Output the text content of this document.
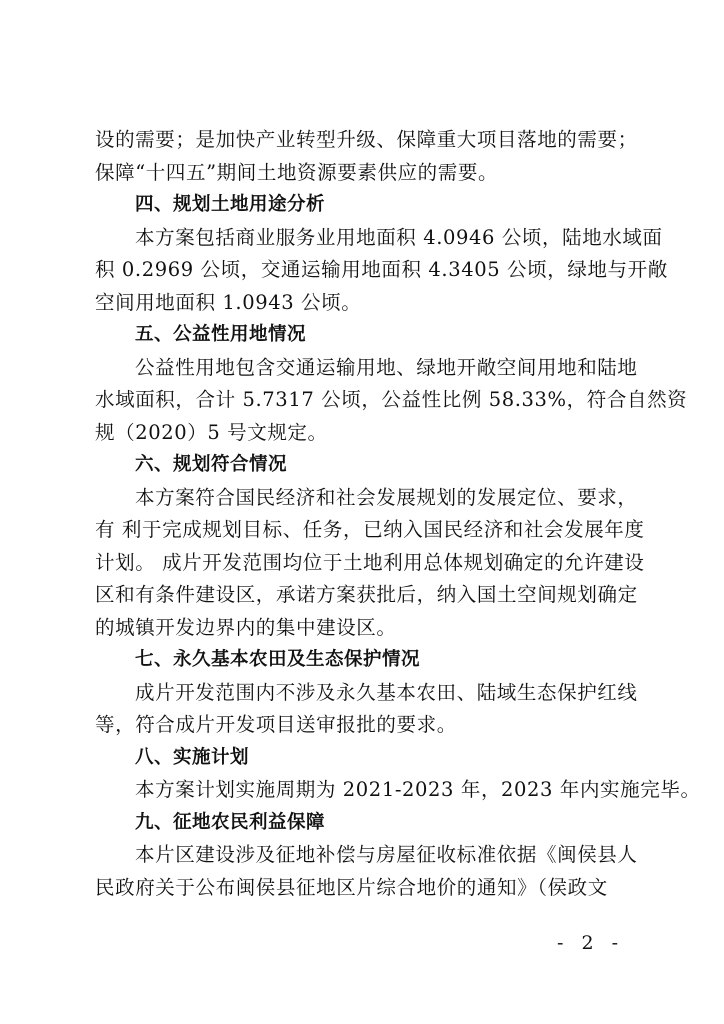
设的需要；是加快产业转型升级、保障重大项目落地的需要；
保障“十四五”期间土地资源要素供应的需要。
四、规划土地用途分析
本方案包括商业服务业用地面积 4.0946 公顷，陆地水域面
积 0.2969 公顷，交通运输用地面积 4.3405 公顷，绿地与开敞
空间用地面积 1.0943 公顷。
五、公益性用地情况
公益性用地包含交通运输用地、绿地开敞空间用地和陆地
水域面积，合计 5.7317 公顷，公益性比例 58.33%，符合自然资
规（2020）5 号文规定。
六、规划符合情况
本方案符合国民经济和社会发展规划的发展定位、要求，
有 利于完成规划目标、任务，已纳入国民经济和社会发展年度
计划。 成片开发范围均位于土地利用总体规划确定的允许建设
区和有条件建设区，承诺方案获批后，纳入国土空间规划确定
的城镇开发边界内的集中建设区。
七、永久基本农田及生态保护情况
成片开发范围内不涉及永久基本农田、陆域生态保护红线
等，符合成片开发项目送审报批的要求。
八、实施计划
本方案计划实施周期为 2021-2023 年，2023 年内实施完毕。
九、征地农民利益保障
本片区建设涉及征地补偿与房屋征收标准依据《闽侯县人
民政府关于公布闽侯县征地区片综合地价的通知》（侯政文
- 2 -
